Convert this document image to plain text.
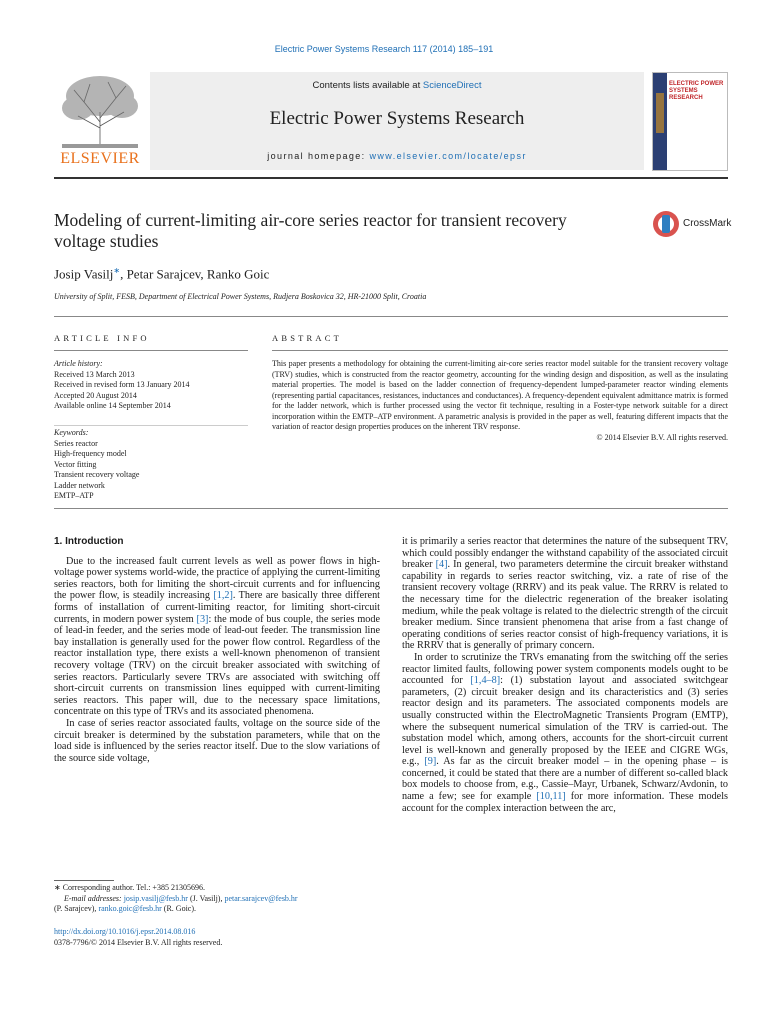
Electric Power Systems Research 117 (2014) 185–191
ELSEVIER
Contents lists available at ScienceDirect
Electric Power Systems Research
journal homepage: www.elsevier.com/locate/epsr
ELECTRIC POWER SYSTEMS RESEARCH
Modeling of current-limiting air-core series reactor for transient recovery voltage studies
CrossMark
Josip Vasilj∗, Petar Sarajcev, Ranko Goic
University of Split, FESB, Department of Electrical Power Systems, Rudjera Boskovica 32, HR-21000 Split, Croatia
ARTICLE INFO	ABSTRACT
Article history:
Received 13 March 2013
Received in revised form 13 January 2014
Accepted 20 August 2014
Available online 14 September 2014
Keywords:
Series reactor
High-frequency model
Vector fitting
Transient recovery voltage
Ladder network
EMTP–ATP
This paper presents a methodology for obtaining the current-limiting air-core series reactor model suitable for the transient recovery voltage (TRV) studies, which is constructed from the reactor geometry, accounting for the winding design and disposition, as well as the insulating material properties. The model is based on the ladder connection of frequency-dependent lumped-parameter reactor winding elements (representing partial capacitances, resistances, inductances and conductances). A frequency-dependent equivalent admittance matrix is formed for the ladder network, which is further processed using the vector fit technique, resulting in a Foster-type network suitable for a direct incorporation within the EMTP–ATP environment. A parametric analysis is provided in the paper as well, featuring different impacts that the variation of reactor design properties produces on the inherent TRV response.
© 2014 Elsevier B.V. All rights reserved.

1. Introduction

Due to the increased fault current levels as well as power flows in high-voltage power systems world-wide, the practice of applying the current-limiting series reactors, both for limiting the short-circuit currents and for influencing the power flow, is steadily increasing [1,2]. There are basically three different forms of installation of current-limiting reactor, for limiting short-circuit currents, in modern power system [3]: the mode of bus couple, the series mode of lead-in feeder, and the series mode of lead-out feeder. The transmission line bay installation is generally used for the power flow control. Regardless of the reactor installation type, there exists a well-known phenomenon of transient recovery voltage (TRV) on the circuit breaker associated with switching of series reactors. Particularly severe TRVs are associated with switching off short-circuit currents on transmission lines equipped with current-limiting series reactors. This paper will, due to the necessary space limitations, concentrate on this type of TRVs and its associated phenomena.

In case of series reactor associated faults, voltage on the source side of the circuit breaker is determined by the substation parameters, while that on the load side is influenced by the series reactor itself. Due to the slow variations of the source side voltage,

it is primarily a series reactor that determines the nature of the subsequent TRV, which could possibly endanger the withstand capability of the associated circuit breaker [4]. In general, two parameters determine the circuit breaker withstand capability in regards to series reactor switching, viz. a rate of rise of the transient recovery voltage (RRRV) and its peak value. The RRRV is related to the necessary time for the dielectric regeneration of the breaker isolating medium, while the peak voltage is related to the dielectric strength of the circuit breaker medium. Since transient phenomena that arise from a fast change of operating conditions of series reactor consist of high-frequency variations, it is the RRRV that is generally of primary concern.

In order to scrutinize the TRVs emanating from the switching off the series reactor limited faults, following power system components models ought to be accounted for [1,4–8]: (1) substation layout and associated switchgear parameters, (2) circuit breaker design and its characteristics and (3) series reactor design and its parameters. The associated components models are usually constructed within the ElectroMagnetic Transients Program (EMTP), where the subsequent numerical simulation of the TRV is carried-out. The substation model which, among others, accounts for the short-circuit current level is well-known and generally proposed by the IEEE and CIGRE WGs, e.g., [9]. As far as the circuit breaker model – in the opening phase – is concerned, it could be stated that there are a number of different so-called black box models to choose from, e.g., Cassie–Mayr, Urbanek, Schwarz/Avdonin, to name a few; see for example [10,11] for more information. These models account for the complex interaction between the arc,

∗ Corresponding author. Tel.: +385 21305696.
E-mail addresses: josip.vasilj@fesb.hr (J. Vasilj), petar.sarajcev@fesb.hr
(P. Sarajcev), ranko.goic@fesb.hr (R. Goic).
http://dx.doi.org/10.1016/j.epsr.2014.08.016
0378-7796/© 2014 Elsevier B.V. All rights reserved.
